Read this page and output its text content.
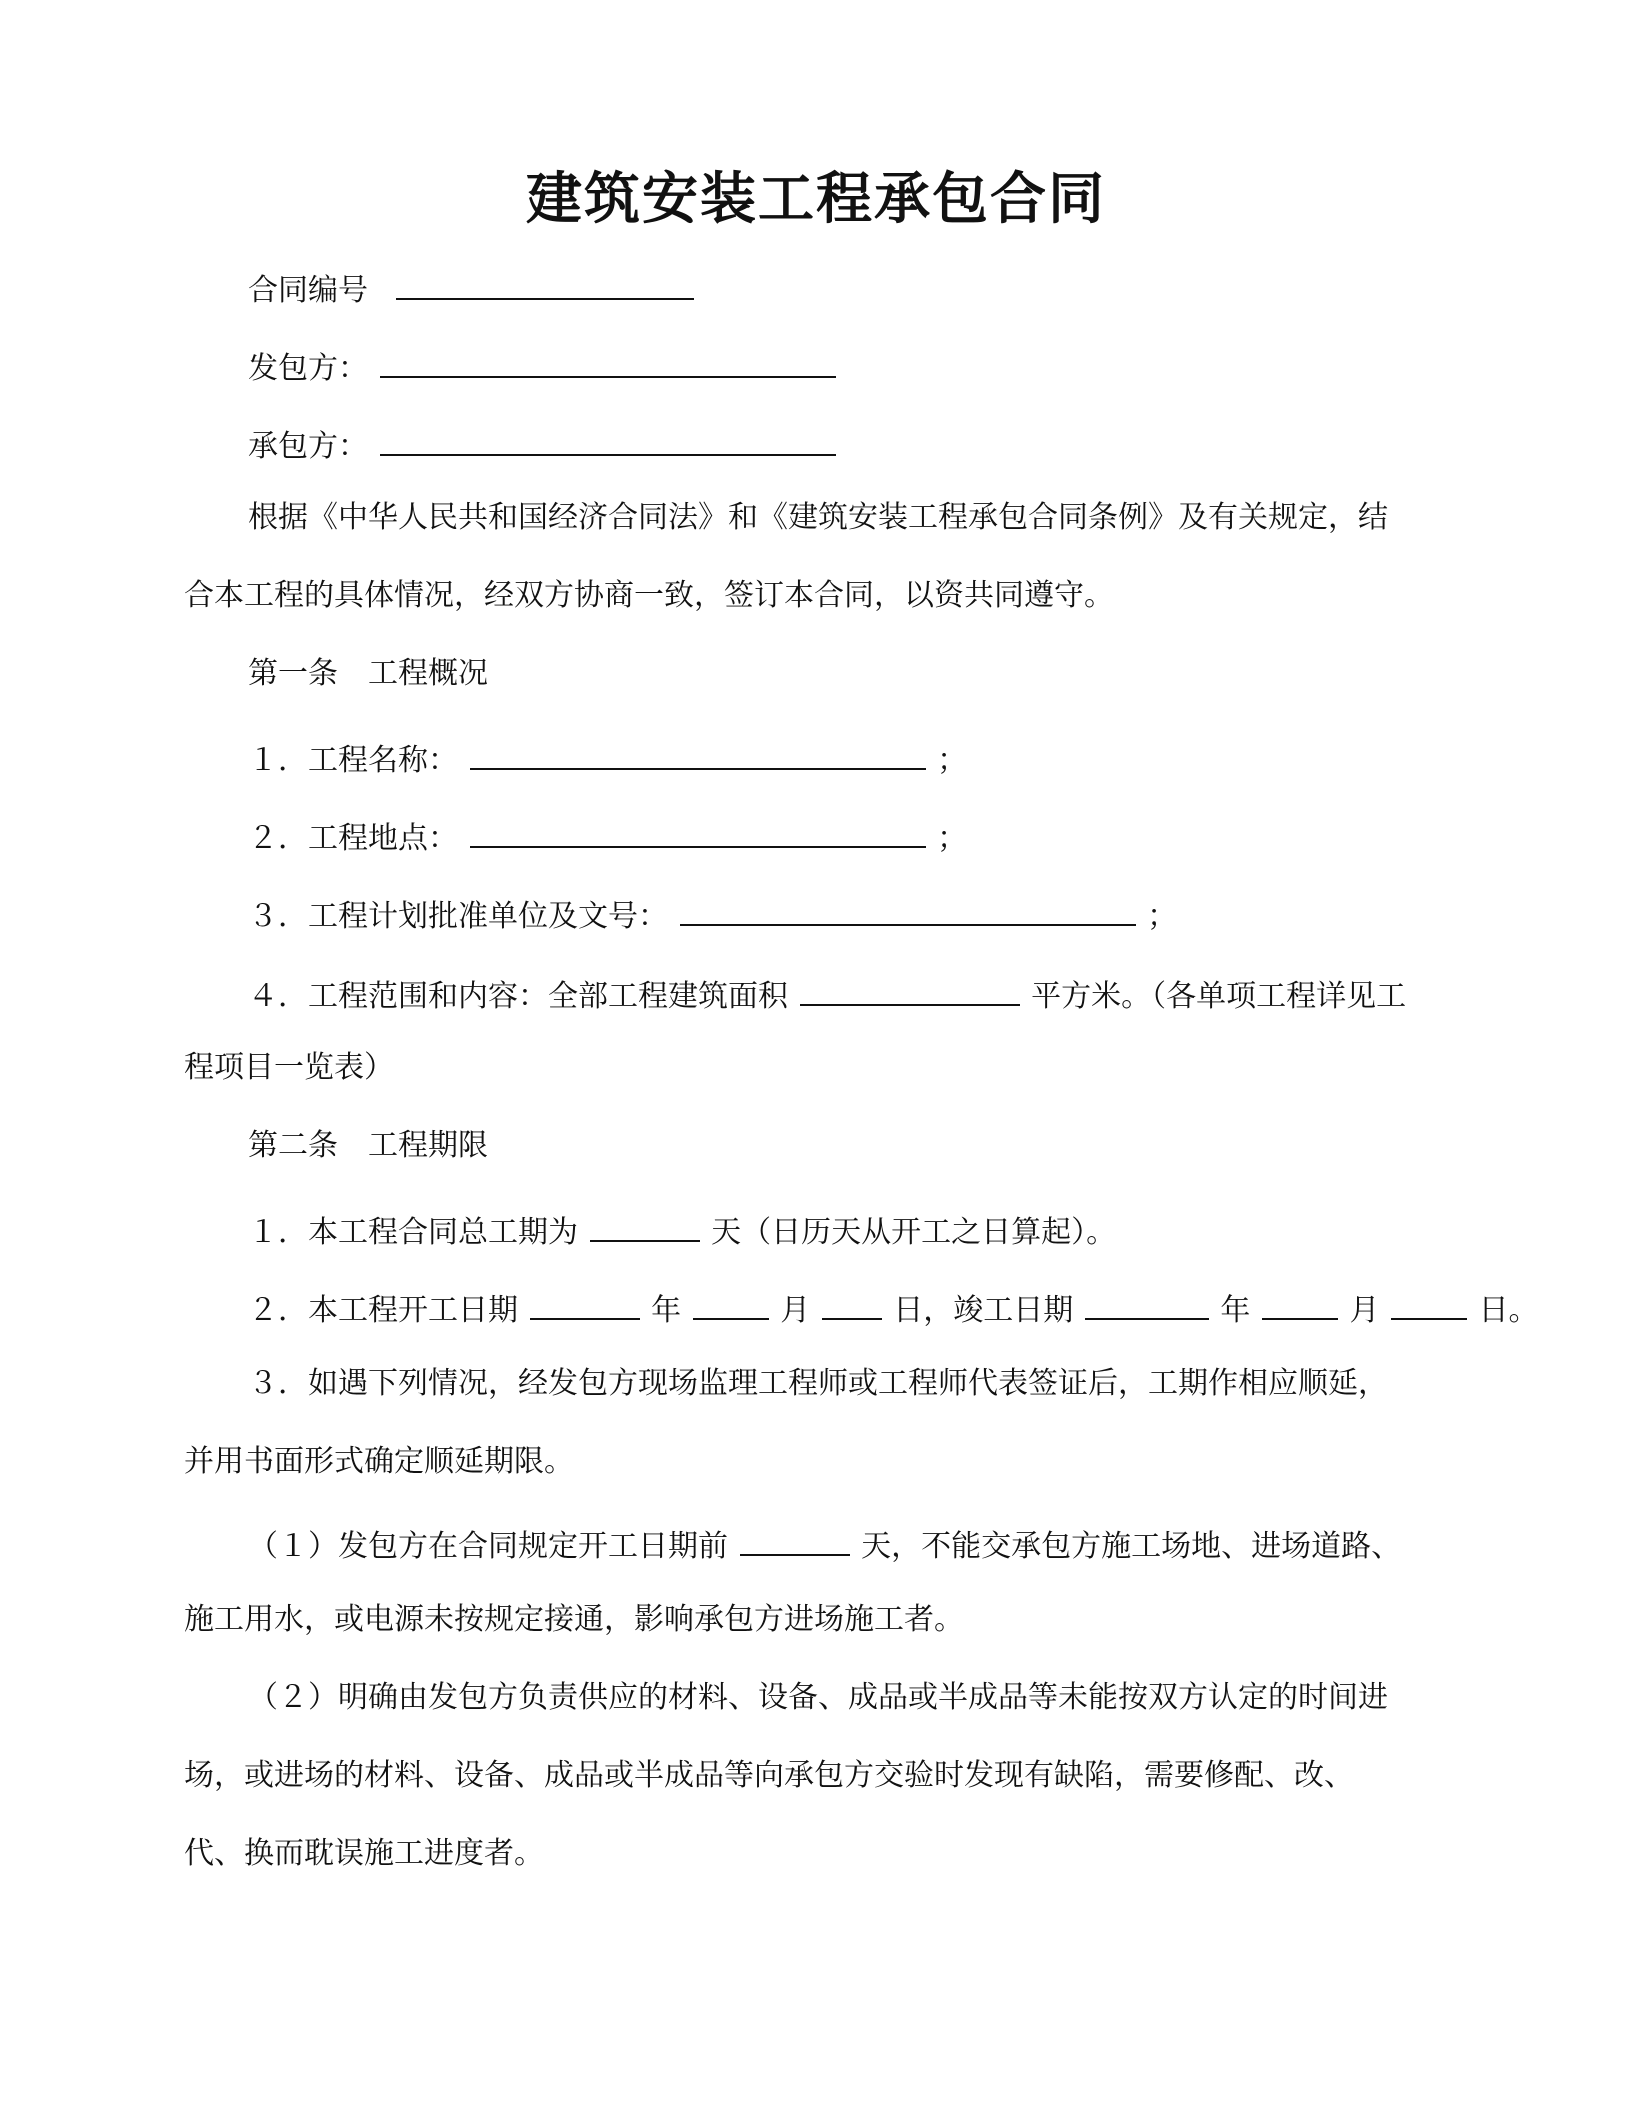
建筑安装工程承包合同
合同编号
发包方：
承包方：
根据《中华人民共和国经济合同法》和《建筑安装工程承包合同条例》及有关规定，结
合本工程的具体情况，经双方协商一致，签订本合同，以资共同遵守。
第一条　工程概况
１．工程名称：	；
２．工程地点：	；
３．工程计划批准单位及文号：	；
４．工程范围和内容：全部工程建筑面积	平方米。（各单项工程详见工
程项目一览表）
第二条　工程期限
１．本工程合同总工期为	天（日历天从开工之日算起）。
２．本工程开工日期	年	月	日，竣工日期	年	月	日。
３．如遇下列情况，经发包方现场监理工程师或工程师代表签证后，工期作相应顺延，
并用书面形式确定顺延期限。
（１）发包方在合同规定开工日期前	天，不能交承包方施工场地、进场道路、
施工用水，或电源未按规定接通，影响承包方进场施工者。
（２）明确由发包方负责供应的材料、设备、成品或半成品等未能按双方认定的时间进
场，或进场的材料、设备、成品或半成品等向承包方交验时发现有缺陷，需要修配、改、
代、换而耽误施工进度者。
